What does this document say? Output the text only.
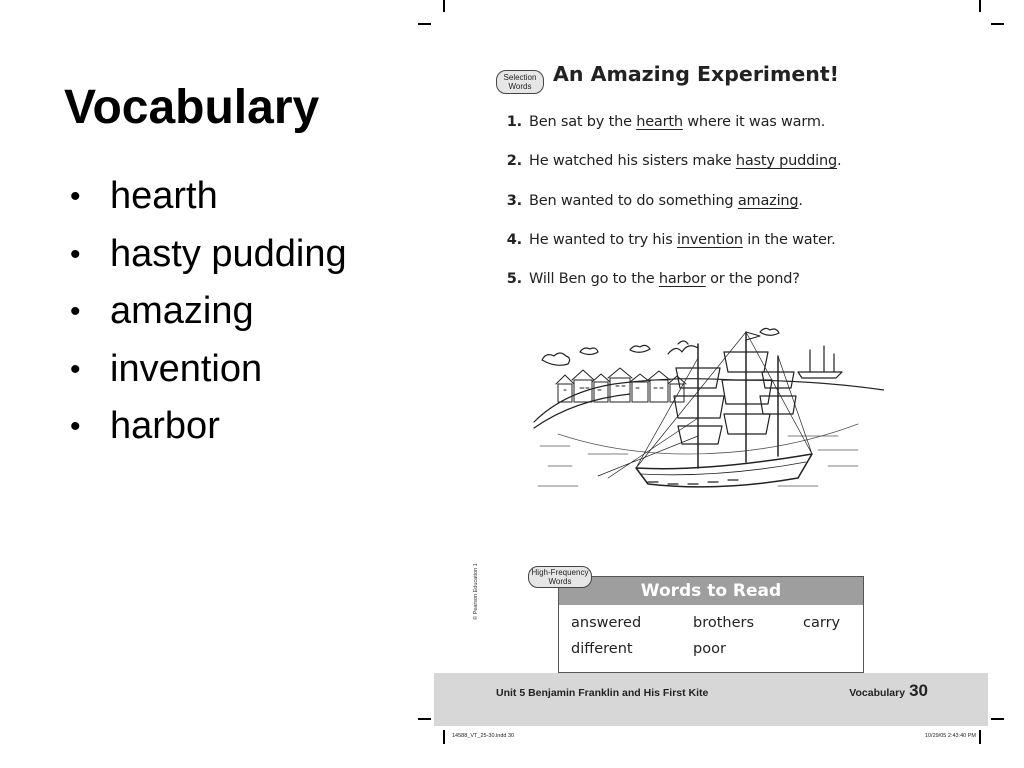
Vocabulary
• hearth
• hasty pudding
• amazing
• invention
• harbor
Selection
Words
An Amazing Experiment!
1. Ben sat by the hearth where it was warm.
2. He watched his sisters make hasty pudding.
3. Ben wanted to do something amazing.
4. He wanted to try his invention in the water.
5. Will Ben go to the harbor or the pond?
© Pearson Education 1	High-Frequency
Words	Words to Read
answered	brothers	carry
different	poor
Unit 5 Benjamin Franklin and His First Kite	Vocabulary 30
14588_VT_25-30.indd 30	10/29/05 2:43:40 PM
